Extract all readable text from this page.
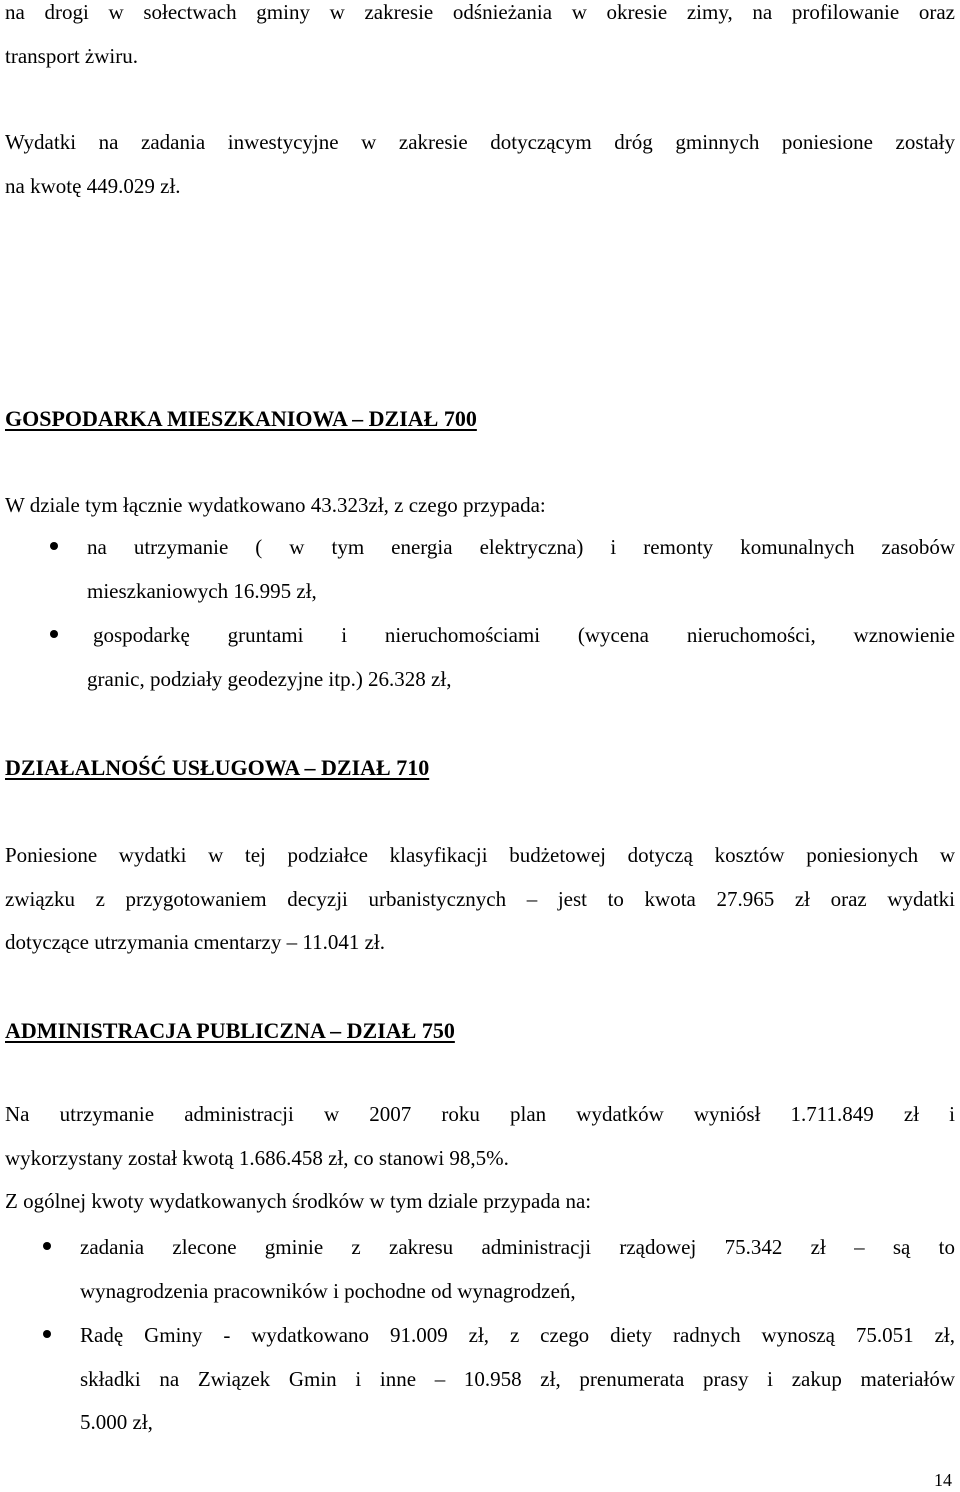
na drogi w sołectwach gminy w zakresie odśnieżania w okresie zimy, na profilowanie oraz
transport żwiru.
Wydatki na zadania inwestycyjne w zakresie dotyczącym dróg gminnych poniesione zostały
na kwotę 449.029 zł.
GOSPODARKA MIESZKANIOWA – DZIAŁ 700
W dziale tym łącznie wydatkowano 43.323zł, z czego przypada:
na utrzymanie ( w tym energia elektryczna) i remonty komunalnych zasobów
mieszkaniowych 16.995 zł,
gospodarkę gruntami i nieruchomościami (wycena nieruchomości, wznowienie
granic, podziały geodezyjne itp.) 26.328 zł,
DZIAŁALNOŚĆ USŁUGOWA – DZIAŁ 710
Poniesione wydatki w tej podziałce klasyfikacji budżetowej dotyczą kosztów poniesionych w
związku z przygotowaniem decyzji urbanistycznych – jest to kwota 27.965 zł oraz wydatki
dotyczące utrzymania cmentarzy – 11.041 zł.
ADMINISTRACJA PUBLICZNA – DZIAŁ 750
Na utrzymanie administracji w 2007 roku plan wydatków wyniósł 1.711.849 zł i
wykorzystany został kwotą 1.686.458 zł, co stanowi 98,5%.
Z ogólnej kwoty wydatkowanych środków w tym dziale przypada na:
zadania zlecone gminie z zakresu administracji rządowej 75.342 zł – są to
wynagrodzenia pracowników i pochodne od wynagrodzeń,
Radę Gminy - wydatkowano 91.009 zł, z czego diety radnych wynoszą 75.051 zł,
składki na Związek Gmin i inne – 10.958 zł, prenumerata prasy i zakup materiałów
5.000 zł,
14
